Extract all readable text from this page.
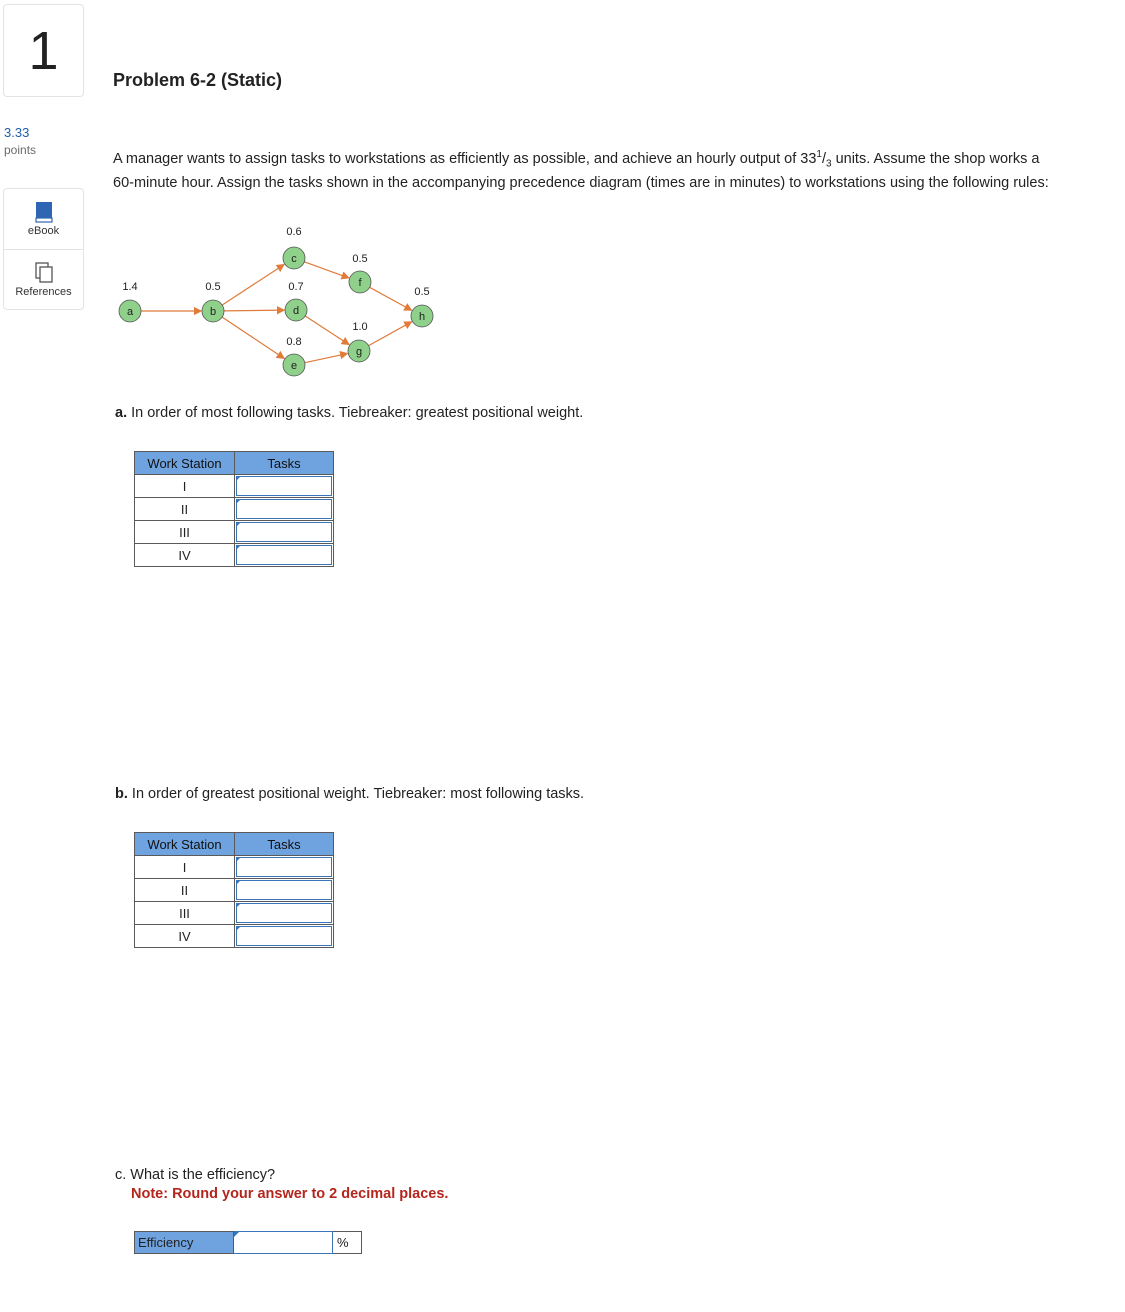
1
3.33
points
eBook
References
Problem 6-2 (Static)
A manager wants to assign tasks to workstations as efficiently as possible, and achieve an hourly output of $33^1/_3$ units. Assume the shop works a 60-minute hour. Assign the tasks shown in the accompanying precedence diagram (times are in minutes) to workstations using the following rules:
a
1.4
b
0.5
c
0.6
d
0.7
e
0.8
f
0.5
g
1.0
h
0.5
a. In order of most following tasks. Tiebreaker: greatest positional weight.
Work Station	Tasks
I	

II	

III	

IV	
b. In order of greatest positional weight. Tiebreaker: most following tasks.
Work Station	Tasks
I	

II	

III	

IV	
c. What is the efficiency?
Note: Round your answer to 2 decimal places.
Efficiency	%
